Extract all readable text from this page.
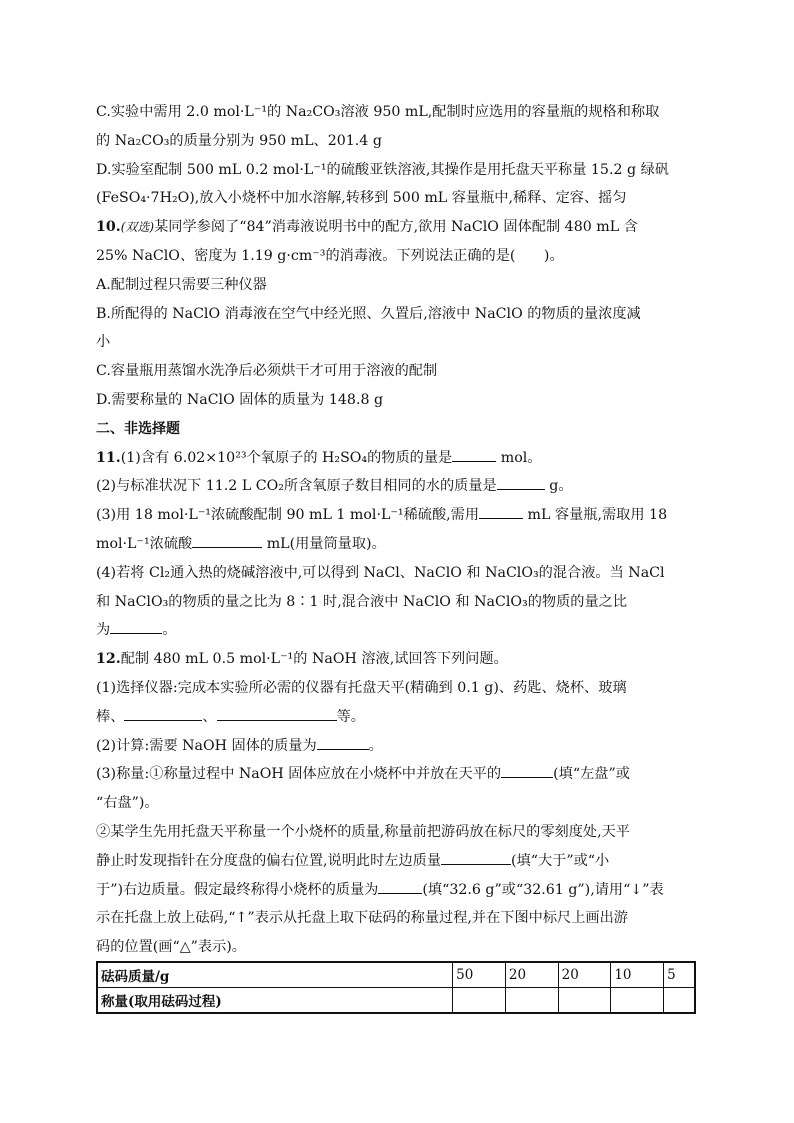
C.实验中需用 2.0 mol·L⁻¹的 Na₂CO₃溶液 950 mL,配制时应选用的容量瓶的规格和称取
的 Na₂CO₃的质量分别为 950 mL、201.4 g
D.实验室配制 500 mL 0.2 mol·L⁻¹的硫酸亚铁溶液,其操作是用托盘天平称量 15.2 g 绿矾
(FeSO₄·7H₂O),放入小烧杯中加水溶解,转移到 500 mL 容量瓶中,稀释、定容、摇匀
10.(双选)某同学参阅了“84”消毒液说明书中的配方,欲用 NaClO 固体配制 480 mL 含
25% NaClO、密度为 1.19 g·cm⁻³的消毒液。下列说法正确的是(　　)。
A.配制过程只需要三种仪器
B.所配得的 NaClO 消毒液在空气中经光照、久置后,溶液中 NaClO 的物质的量浓度减
小
C.容量瓶用蒸馏水洗净后必须烘干才可用于溶液的配制
D.需要称量的 NaClO 固体的质量为 148.8 g
二、非选择题
11.(1)含有 6.02×10²³个氧原子的 H₂SO₄的物质的量是	mol。
(2)与标准状况下 11.2 L CO₂所含氧原子数目相同的水的质量是	g。
(3)用 18 mol·L⁻¹浓硫酸配制 90 mL 1 mol·L⁻¹稀硫酸,需用	mL 容量瓶,需取用 18
mol·L⁻¹浓硫酸	mL(用量筒量取)。
(4)若将 Cl₂通入热的烧碱溶液中,可以得到 NaCl、NaClO 和 NaClO₃的混合液。当 NaCl
和 NaClO₃的物质的量之比为 8∶1 时,混合液中 NaClO 和 NaClO₃的物质的量之比
为	。
12.配制 480 mL 0.5 mol·L⁻¹的 NaOH 溶液,试回答下列问题。
(1)选择仪器:完成本实验所必需的仪器有托盘天平(精确到 0.1 g)、药匙、烧杯、玻璃
棒、	、	等。
(2)计算:需要 NaOH 固体的质量为	。
(3)称量:①称量过程中 NaOH 固体应放在小烧杯中并放在天平的	(填“左盘”或
“右盘”)。
②某学生先用托盘天平称量一个小烧杯的质量,称量前把游码放在标尺的零刻度处,天平
静止时发现指针在分度盘的偏右位置,说明此时左边质量	(填“大于”或“小
于”)右边质量。假定最终称得小烧杯的质量为	(填“32.6 g”或“32.61 g”),请用“↓”表
示在托盘上放上砝码,“↑”表示从托盘上取下砝码的称量过程,并在下图中标尺上画出游
码的位置(画“△”表示)。
砝码质量/g	50	20	20	10	5
称量(取用砝码过程)					
